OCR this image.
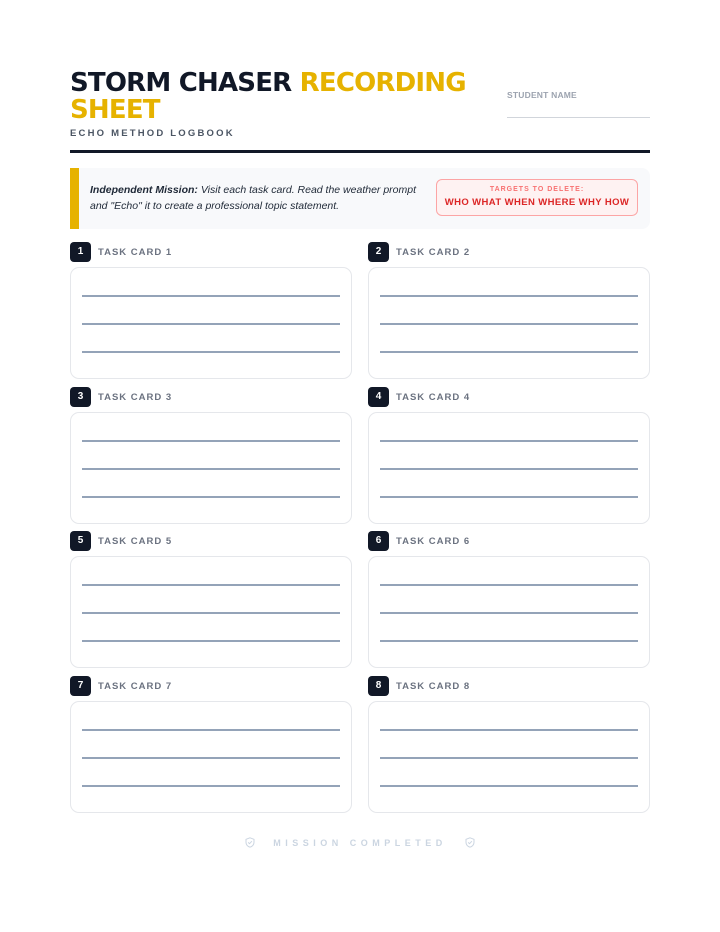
STORM CHASER RECORDING SHEET
ECHO METHOD LOGBOOK
STUDENT NAME
Independent Mission: Visit each task card. Read the weather prompt and "Echo" it to create a professional topic statement.
TARGETS TO DELETE:
WHO WHAT WHEN WHERE WHY HOW
1	TASK CARD 1	2	TASK CARD 2
3	TASK CARD 3	4	TASK CARD 4
5	TASK CARD 5	6	TASK CARD 6
7	TASK CARD 7	8	TASK CARD 8
MISSION COMPLETED
